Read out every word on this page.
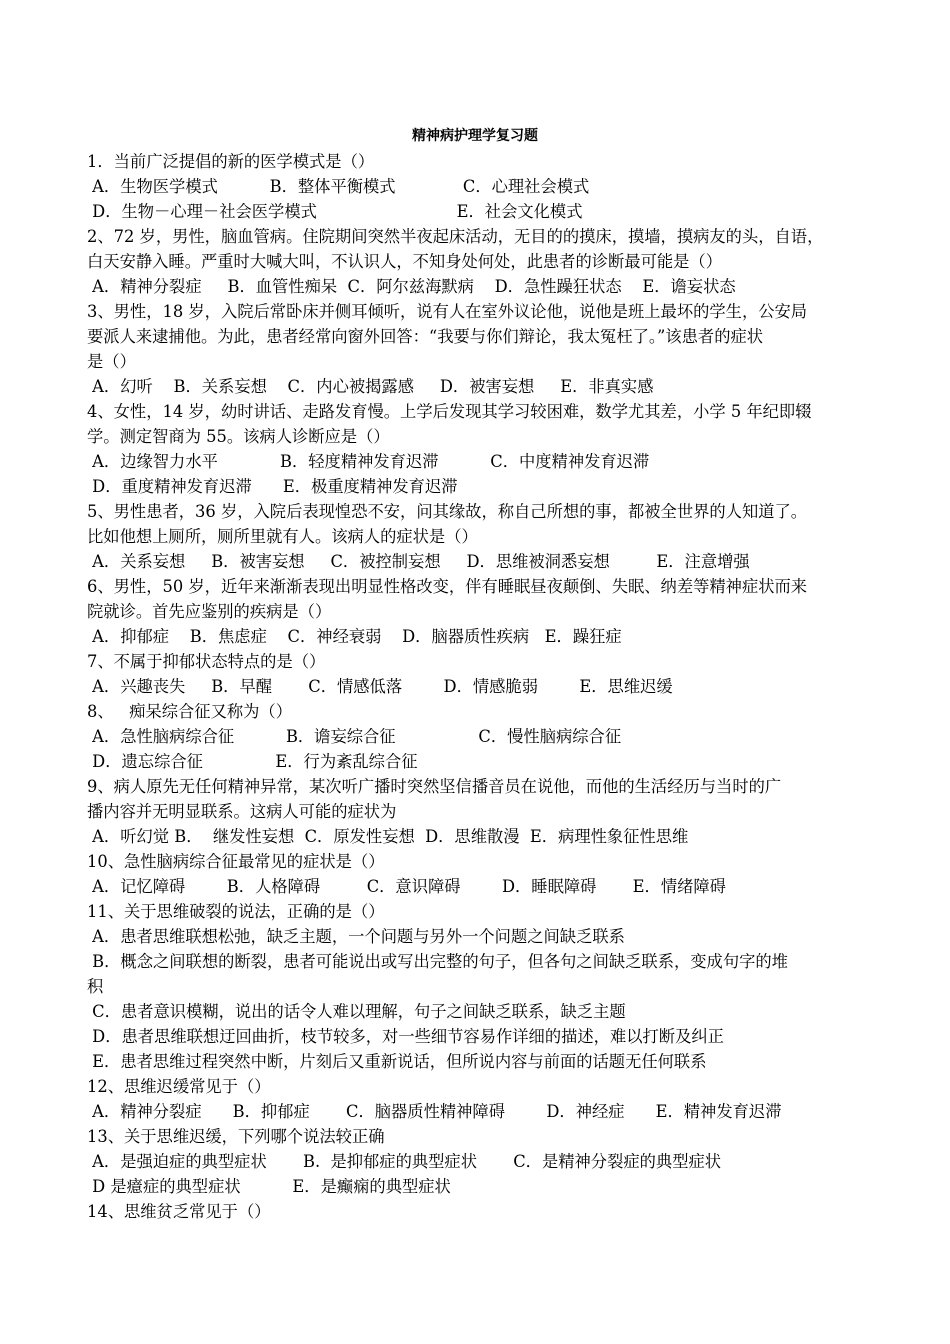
精神病护理学复习题
1．当前广泛提倡的新的医学模式是（）
A．生物医学模式          B．整体平衡模式             C．心理社会模式
D．生物－心理－社会医学模式                           E．社会文化模式
2、72 岁，男性，脑血管病。住院期间突然半夜起床活动，无目的的摸床，摸墙，摸病友的头，自语，
白天安静入睡。严重时大喊大叫，不认识人，不知身处何处，此患者的诊断最可能是（）
A．精神分裂症     B．血管性痴呆  C．阿尔兹海默病    D．急性躁狂状态    E．谵妄状态
3、男性，18 岁，入院后常卧床并侧耳倾听，说有人在室外议论他，说他是班上最坏的学生，公安局
要派人来逮捕他。为此，患者经常向窗外回答：“我要与你们辩论，我太冤枉了。”该患者的症状
是（）
A．幻听    B．关系妄想    C．内心被揭露感     D．被害妄想     E．非真实感
4、女性，14 岁，幼时讲话、走路发育慢。上学后发现其学习较困难，数学尤其差，小学 5 年纪即辍
学。测定智商为 55。该病人诊断应是（）
A．边缘智力水平            B．轻度精神发育迟滞          C．中度精神发育迟滞
D．重度精神发育迟滞      E．极重度精神发育迟滞
5、男性患者，36 岁，入院后表现惶恐不安，问其缘故，称自己所想的事，都被全世界的人知道了。
比如他想上厕所，厕所里就有人。该病人的症状是（）
A．关系妄想     B．被害妄想     C．被控制妄想     D．思维被洞悉妄想         E．注意增强
6、男性，50 岁，近年来渐渐表现出明显性格改变，伴有睡眠昼夜颠倒、失眠、纳差等精神症状而来
院就诊。首先应鉴别的疾病是（）
A．抑郁症    B．焦虑症    C．神经衰弱    D．脑器质性疾病   E．躁狂症
7、不属于抑郁状态特点的是（）
A．兴趣丧失     B．早醒       C．情感低落        D．情感脆弱        E．思维迟缓
8、   痴呆综合征又称为（）
A．急性脑病综合征          B．谵妄综合征                C．慢性脑病综合征
D．遗忘综合征              E．行为紊乱综合征
9、病人原先无任何精神异常，某次听广播时突然坚信播音员在说他，而他的生活经历与当时的广
播内容并无明显联系。这病人可能的症状为
A．听幻觉 B．  继发性妄想  C．原发性妄想  D．思维散漫  E．病理性象征性思维
10、急性脑病综合征最常见的症状是（）
A．记忆障碍        B．人格障碍         C．意识障碍        D．睡眠障碍       E．情绪障碍
11、关于思维破裂的说法，正确的是（）
A．患者思维联想松弛，缺乏主题，一个问题与另外一个问题之间缺乏联系
B．概念之间联想的断裂，患者可能说出或写出完整的句子，但各句之间缺乏联系，变成句字的堆
积
C．患者意识模糊，说出的话令人难以理解，句子之间缺乏联系，缺乏主题
D．患者思维联想迂回曲折，枝节较多，对一些细节容易作详细的描述，难以打断及纠正
E．患者思维过程突然中断，片刻后又重新说话，但所说内容与前面的话题无任何联系
12、思维迟缓常见于（）
A．精神分裂症      B．抑郁症       C．脑器质性精神障碍        D．神经症      E．精神发育迟滞
13、关于思维迟缓，下列哪个说法较正确
A．是强迫症的典型症状       B.  是抑郁症的典型症状       C．是精神分裂症的典型症状
D 是癔症的典型症状          E．是癫痫的典型症状
14、思维贫乏常见于（）
